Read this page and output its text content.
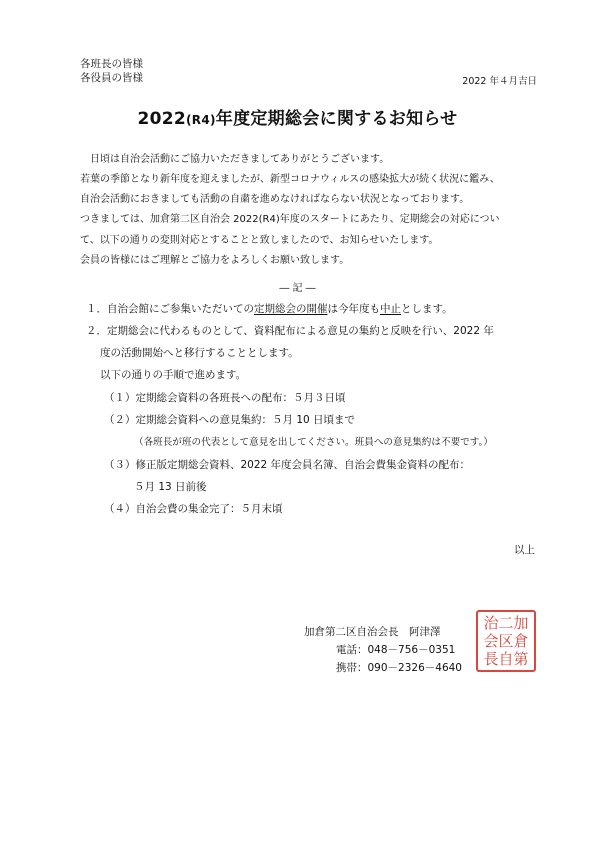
各班長の皆様
各役員の皆様	2022 年４月吉日
2022(R4)年度定期総会に関するお知らせ
日頃は自治会活動にご協力いただきましてありがとうございます。
若葉の季節となり新年度を迎えましたが、新型コロナウィルスの感染拡大が続く状況に鑑み、
自治会活動におきましても活動の自粛を進めなければならない状況となっております。
つきましては、加倉第二区自治会 2022(R4)年度のスタートにあたり、定期総会の対応につい
て、以下の通りの変則対応とすることと致しましたので、お知らせいたします。
会員の皆様にはご理解とご協力をよろしくお願い致します。
― 記 ―
１．自治会館にご参集いただいての定期総会の開催は今年度も中止とします。
２．定期総会に代わるものとして、資料配布による意見の集約と反映を行い、2022 年
度の活動開始へと移行することとします。
以下の通りの手順で進めます。
（１）定期総会資料の各班長への配布：５月３日頃
（２）定期総会資料への意見集約：５月 10 日頃まで
（各班長が班の代表として意見を出してください。班員への意見集約は不要です。）
（３）修正版定期総会資料、2022 年度会員名簿、自治会費集金資料の配布：
５月 13 日前後
（４）自治会費の集金完了：５月末頃
以上
加倉第二区自治会長　阿津澤
電話：048－756－0351
携帯：090－2326－4640
加
倉
第
二
区
自
治
会
長
